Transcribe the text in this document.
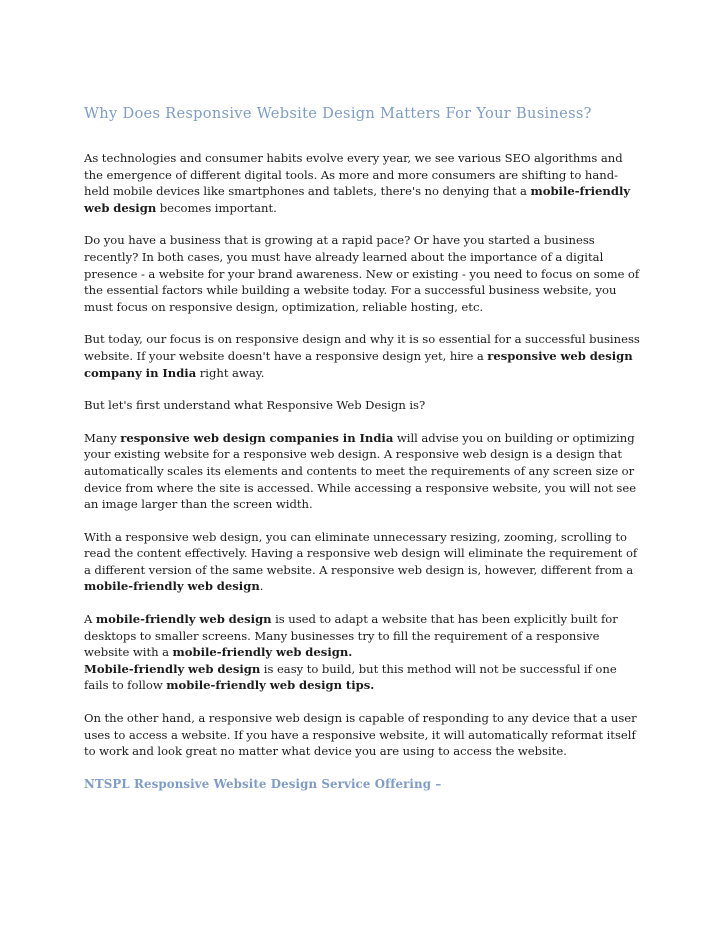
Why Does Responsive Website Design Matters For Your Business?

As technologies and consumer habits evolve every year, we see various SEO algorithms and the emergence of different digital tools. As more and more consumers are shifting to hand-held mobile devices like smartphones and tablets, there's no denying that a mobile-friendly web design becomes important.

Do you have a business that is growing at a rapid pace? Or have you started a business recently? In both cases, you must have already learned about the importance of a digital presence - a website for your brand awareness. New or existing - you need to focus on some of the essential factors while building a website today. For a successful business website, you must focus on responsive design, optimization, reliable hosting, etc.

But today, our focus is on responsive design and why it is so essential for a successful business website. If your website doesn't have a responsive design yet, hire a responsive web design company in India right away.

But let's first understand what Responsive Web Design is?

Many responsive web design companies in India will advise you on building or optimizing your existing website for a responsive web design. A responsive web design is a design that automatically scales its elements and contents to meet the requirements of any screen size or device from where the site is accessed. While accessing a responsive website, you will not see an image larger than the screen width.

With a responsive web design, you can eliminate unnecessary resizing, zooming, scrolling to read the content effectively. Having a responsive web design will eliminate the requirement of a different version of the same website. A responsive web design is, however, different from a mobile-friendly web design.

A mobile-friendly web design is used to adapt a website that has been explicitly built for desktops to smaller screens. Many businesses try to fill the requirement of a responsive website with a mobile-friendly web design.
Mobile-friendly web design is easy to build, but this method will not be successful if one fails to follow mobile-friendly web design tips.

On the other hand, a responsive web design is capable of responding to any device that a user uses to access a website. If you have a responsive website, it will automatically reformat itself to work and look great no matter what device you are using to access the website.

NTSPL Responsive Website Design Service Offering –
